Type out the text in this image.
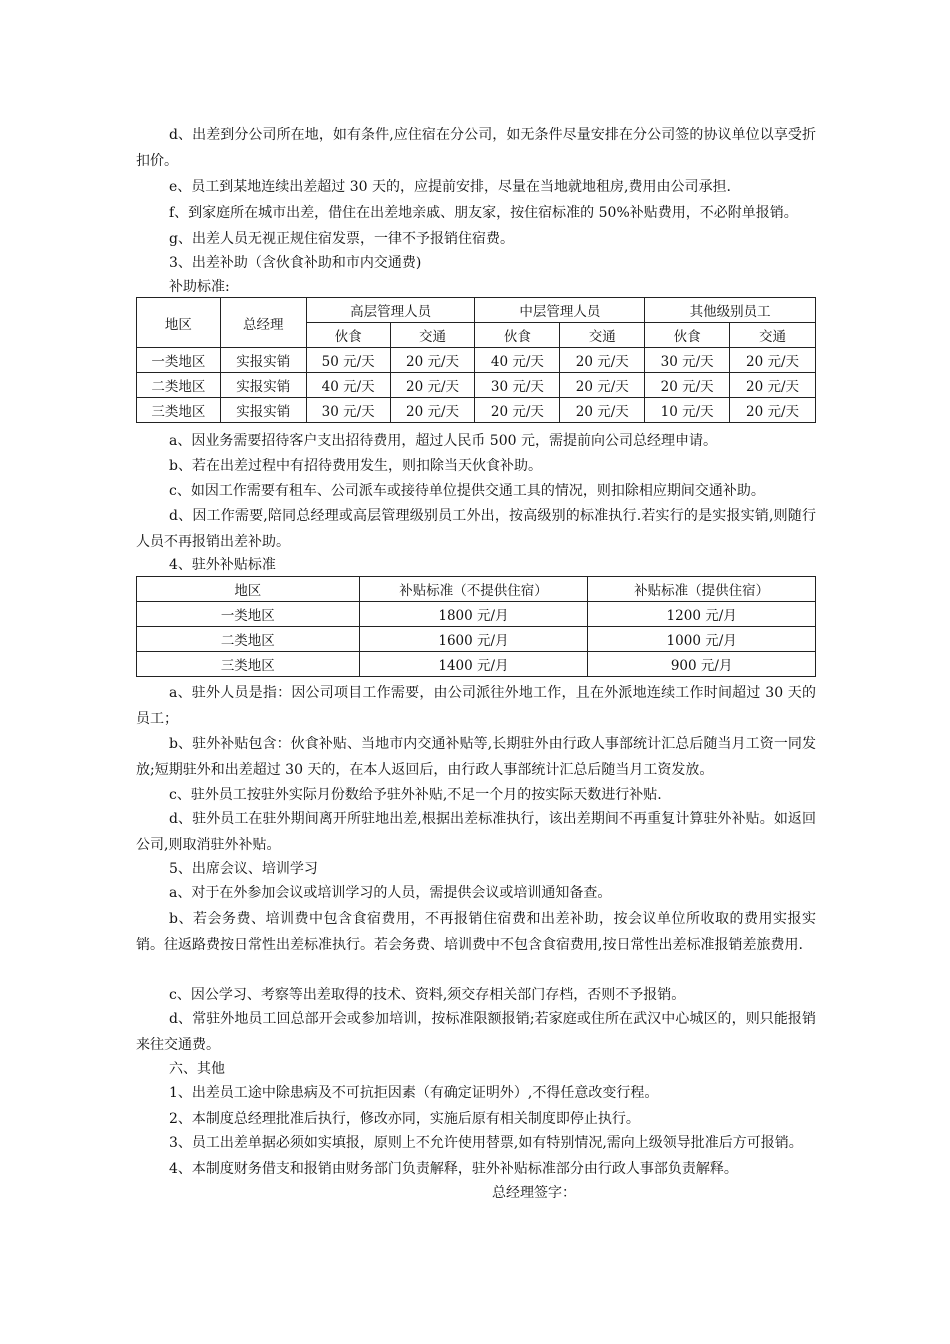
d、出差到分公司所在地，如有条件,应住宿在分公司，如无条件尽量安排在分公司签的协议单位以享受折扣价。
e、员工到某地连续出差超过 30 天的，应提前安排，尽量在当地就地租房,费用由公司承担.
f、到家庭所在城市出差，借住在出差地亲戚、朋友家，按住宿标准的 50%补贴费用，不必附单报销。
g、出差人员无视正规住宿发票，一律不予报销住宿费。
3、出差补助（含伙食补助和市内交通费)
补助标准:
地区	总经理	高层管理人员		中层管理人员		其他级别员工	
		伙食	交通	伙食	交通	伙食	交通
一类地区	实报实销	50 元/天	20 元/天	40 元/天	20 元/天	30 元/天	20 元/天
二类地区	实报实销	40 元/天	20 元/天	30 元/天	20 元/天	20 元/天	20 元/天
三类地区	实报实销	30 元/天	20 元/天	20 元/天	20 元/天	10 元/天	20 元/天
a、因业务需要招待客户支出招待费用，超过人民币 500 元，需提前向公司总经理申请。
b、若在出差过程中有招待费用发生，则扣除当天伙食补助。
c、如因工作需要有租车、公司派车或接待单位提供交通工具的情况，则扣除相应期间交通补助。
d、因工作需要,陪同总经理或高层管理级别员工外出，按高级别的标准执行.若实行的是实报实销,则随行人员不再报销出差补助。
4、驻外补贴标准
地区	补贴标准（不提供住宿）	补贴标准（提供住宿）
一类地区	1800 元/月	1200 元/月
二类地区	1600 元/月	1000 元/月
三类地区	1400 元/月	900 元/月
a、驻外人员是指：因公司项目工作需要，由公司派往外地工作，且在外派地连续工作时间超过 30 天的员工；
b、驻外补贴包含：伙食补贴、当地市内交通补贴等,长期驻外由行政人事部统计汇总后随当月工资一同发放;短期驻外和出差超过 30 天的，在本人返回后，由行政人事部统计汇总后随当月工资发放。
c、驻外员工按驻外实际月份数给予驻外补贴,不足一个月的按实际天数进行补贴.
d、驻外员工在驻外期间离开所驻地出差,根据出差标准执行，该出差期间不再重复计算驻外补贴。如返回公司,则取消驻外补贴。
5、出席会议、培训学习
a、对于在外参加会议或培训学习的人员，需提供会议或培训通知备查。
b、若会务费、培训费中包含食宿费用，不再报销住宿费和出差补助，按会议单位所收取的费用实报实销。往返路费按日常性出差标准执行。若会务费、培训费中不包含食宿费用,按日常性出差标准报销差旅费用.
c、因公学习、考察等出差取得的技术、资料,须交存相关部门存档，否则不予报销。
d、常驻外地员工回总部开会或参加培训，按标准限额报销;若家庭或住所在武汉中心城区的，则只能报销来往交通费。
六、其他
1、出差员工途中除患病及不可抗拒因素（有确定证明外）,不得任意改变行程。
2、本制度总经理批准后执行，修改亦同，实施后原有相关制度即停止执行。
3、员工出差单据必须如实填报，原则上不允许使用替票,如有特别情况,需向上级领导批准后方可报销。
4、本制度财务借支和报销由财务部门负责解释，驻外补贴标准部分由行政人事部负责解释。
总经理签字：
